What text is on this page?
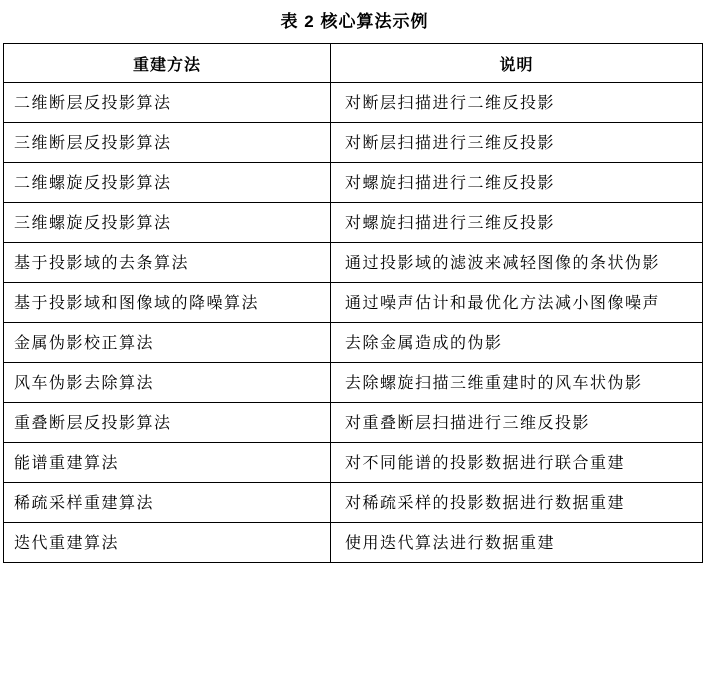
表 2 核心算法示例
重建方法	说明
二维断层反投影算法	对断层扫描进行二维反投影
三维断层反投影算法	对断层扫描进行三维反投影
二维螺旋反投影算法	对螺旋扫描进行二维反投影
三维螺旋反投影算法	对螺旋扫描进行三维反投影
基于投影域的去条算法	通过投影域的滤波来减轻图像的条状伪影
基于投影域和图像域的降噪算法	通过噪声估计和最优化方法减小图像噪声
金属伪影校正算法	去除金属造成的伪影
风车伪影去除算法	去除螺旋扫描三维重建时的风车状伪影
重叠断层反投影算法	对重叠断层扫描进行三维反投影
能谱重建算法	对不同能谱的投影数据进行联合重建
稀疏采样重建算法	对稀疏采样的投影数据进行数据重建
迭代重建算法	使用迭代算法进行数据重建
